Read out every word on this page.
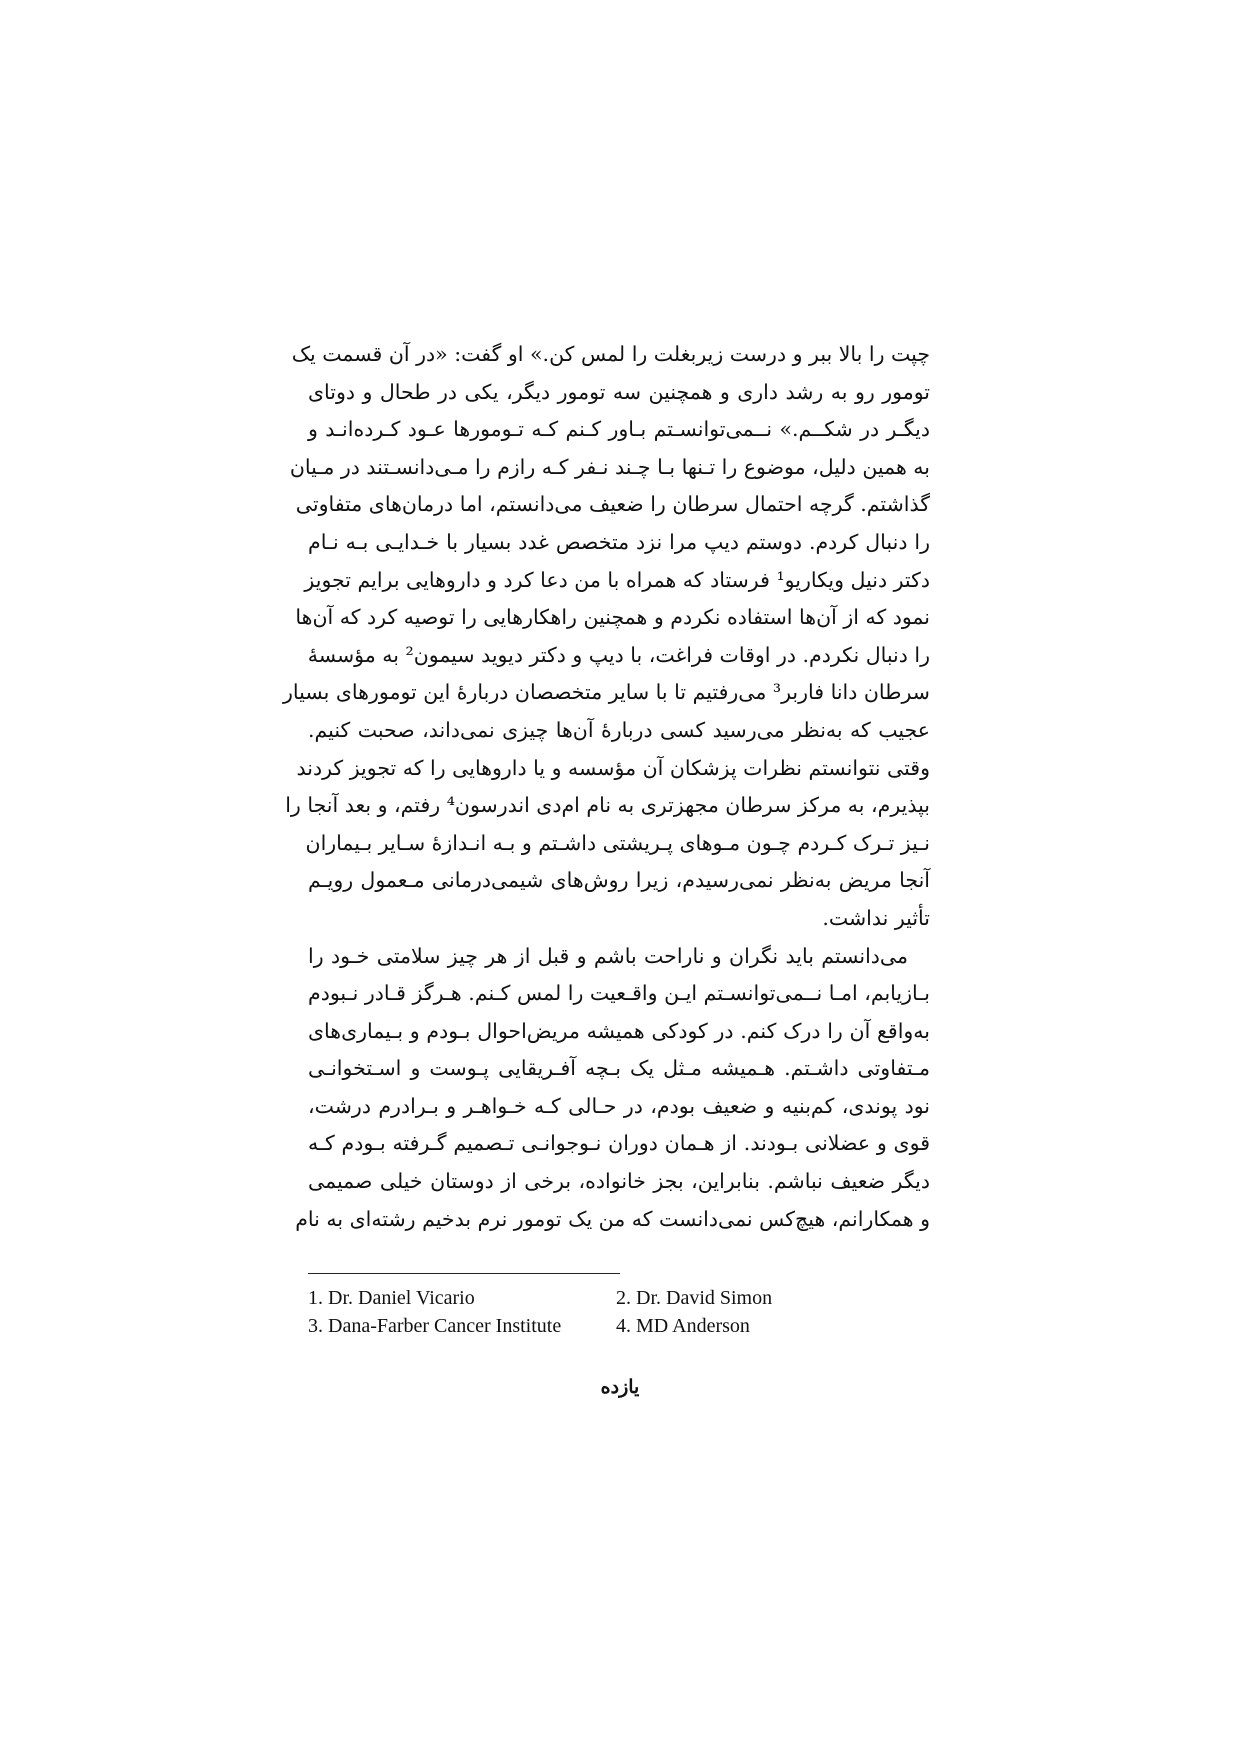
چپت را بالا ببر و درست زیربغلت را لمس کن.» او گفت: «در آن قسمت یک
تومور رو به رشد داری و همچنین سه تومور دیگر، یکی در طحال و دوتای
دیگـر در شکــم.» نــمی‌توانسـتم بـاور کـنم کـه تـومورها عـود کـرده‌انـد و
به همین دلیل، موضوع را تـنها بـا چـند نـفر کـه رازم را مـی‌دانسـتند در مـیان
گذاشتم. گرچه احتمال سرطان را ضعیف می‌دانستم، اما درمان‌های متفاوتی
را دنبال کردم. دوستم دیپ مرا نزد متخصص غدد بسیار با خـدایـی بـه نـام
دکتر دنیل ویکاریو¹ فرستاد که همراه با من دعا کرد و داروهایی برایم تجویز
نمود که از آن‌ها استفاده نکردم و همچنین راهکارهایی را توصیه کرد که آن‌ها
را دنبال نکردم. در اوقات فراغت، با دیپ و دکتر دیوید سیمون² به مؤسسۀ
سرطان دانا فاربر³ می‌رفتیم تا با سایر متخصصان دربارۀ این تومورهای بسیار
عجیب که به‌نظر می‌رسید کسی دربارۀ آن‌ها چیزی نمی‌داند، صحبت کنیم.
وقتی نتوانستم نظرات پزشکان آن مؤسسه و یا داروهایی را که تجویز کردند
بپذیرم، به مرکز سرطان مجهزتری به نام ام‌دی اندرسون⁴ رفتم، و بعد آنجا را
نـیز تـرک کـردم چـون مـوهای پـریشتی داشـتم و بـه انـدازۀ سـایر بـیماران
آنجا مریض به‌نظر نمی‌رسیدم، زیرا روش‌های شیمی‌درمانی مـعمول رویـم
تأثیر نداشت.
می‌دانستم باید نگران و ناراحت باشم و قبل از هر چیز سلامتی خـود را
بـازیابم، امـا نــمی‌توانسـتم ایـن واقـعیت را لمس کـنم. هـرگز قـادر نـبودم
به‌واقع آن را درک کنم. در کودکی همیشه مریض‌احوال بـودم و بـیماری‌های
مـتفاوتی داشـتم. هـمیشه مـثل یک بـچه آفـریقایی پـوست و اسـتخوانـی
نود پوندی، کم‌بنیه و ضعیف بودم، در حـالی کـه خـواهـر و بـرادرم درشت،
قوی و عضلانی بـودند. از هـمان دوران نـوجوانـی تـصمیم گـرفته بـودم کـه
دیگر ضعیف نباشم. بنابراین، بجز خانواده، برخی از دوستان خیلی صمیمی
و همکارانم، هیچ‌کس نمی‌دانست که من یک تومور نرم بدخیم رشته‌ای به نام
1. Dr. Daniel Vicario	2. Dr. David Simon
3. Dana-Farber Cancer Institute	4. MD Anderson
یازده
